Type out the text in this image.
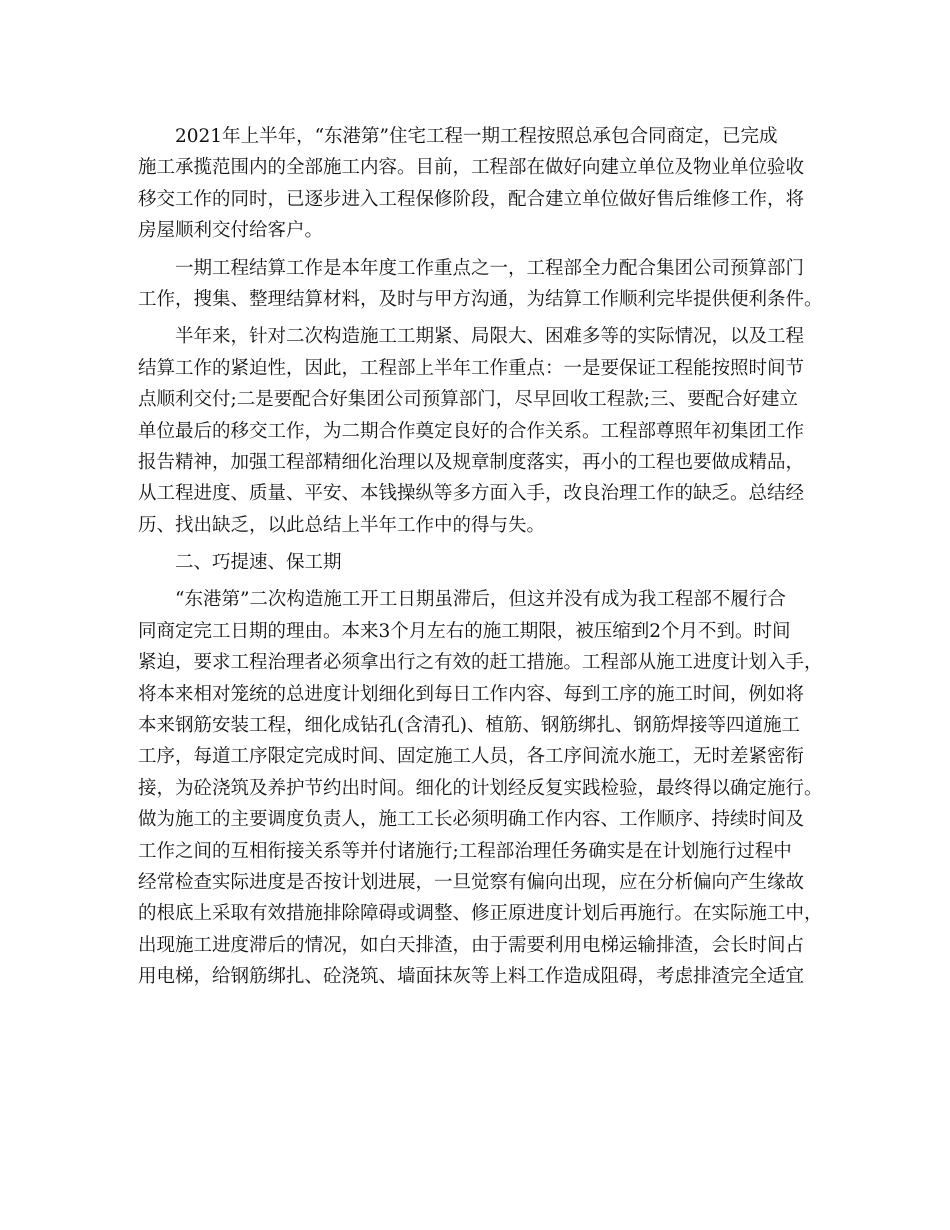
2021年上半年，“东港第”住宅工程一期工程按照总承包合同商定，已完成
施工承揽范围内的全部施工内容。目前，工程部在做好向建立单位及物业单位验收
移交工作的同时，已逐步进入工程保修阶段，配合建立单位做好售后维修工作，将
房屋顺利交付给客户。
一期工程结算工作是本年度工作重点之一，工程部全力配合集团公司预算部门
工作，搜集、整理结算材料，及时与甲方沟通，为结算工作顺利完毕提供便利条件。
半年来，针对二次构造施工工期紧、局限大、困难多等的实际情况，以及工程
结算工作的紧迫性，因此，工程部上半年工作重点：一是要保证工程能按照时间节
点顺利交付;二是要配合好集团公司预算部门，尽早回收工程款;三、要配合好建立
单位最后的移交工作，为二期合作奠定良好的合作关系。工程部尊照年初集团工作
报告精神，加强工程部精细化治理以及规章制度落实，再小的工程也要做成精品，
从工程进度、质量、平安、本钱操纵等多方面入手，改良治理工作的缺乏。总结经
历、找出缺乏，以此总结上半年工作中的得与失。
二、巧提速、保工期
“东港第”二次构造施工开工日期虽滞后，但这并没有成为我工程部不履行合
同商定完工日期的理由。本来3个月左右的施工期限，被压缩到2个月不到。时间
紧迫，要求工程治理者必须拿出行之有效的赶工措施。工程部从施工进度计划入手，
将本来相对笼统的总进度计划细化到每日工作内容、每到工序的施工时间，例如将
本来钢筋安装工程，细化成钻孔(含清孔)、植筋、钢筋绑扎、钢筋焊接等四道施工
工序，每道工序限定完成时间、固定施工人员，各工序间流水施工，无时差紧密衔
接，为砼浇筑及养护节约出时间。细化的计划经反复实践检验，最终得以确定施行。
做为施工的主要调度负责人，施工工长必须明确工作内容、工作顺序、持续时间及
工作之间的互相衔接关系等并付诸施行;工程部治理任务确实是在计划施行过程中
经常检查实际进度是否按计划进展，一旦觉察有偏向出现，应在分析偏向产生缘故
的根底上采取有效措施排除障碍或调整、修正原进度计划后再施行。在实际施工中，
出现施工进度滞后的情况，如白天排渣，由于需要利用电梯运输排渣，会长时间占
用电梯，给钢筋绑扎、砼浇筑、墙面抹灰等上料工作造成阻碍，考虑排渣完全适宜
